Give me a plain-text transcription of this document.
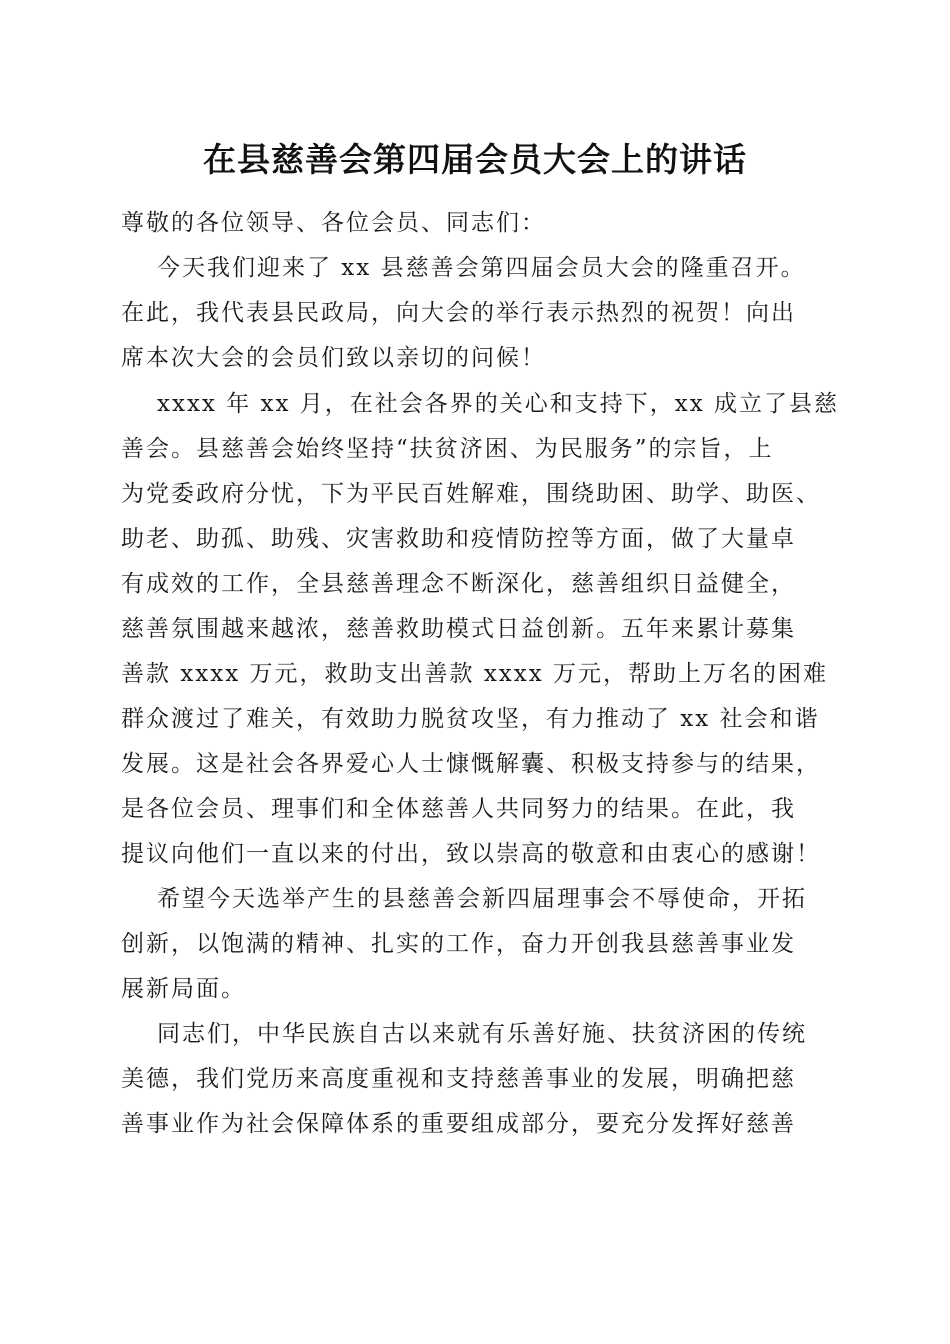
在县慈善会第四届会员大会上的讲话
尊敬的各位领导、各位会员、同志们：
今天我们迎来了 xx 县慈善会第四届会员大会的隆重召开。
在此，我代表县民政局，向大会的举行表示热烈的祝贺！向出
席本次大会的会员们致以亲切的问候！
xxxx 年 xx 月，在社会各界的关心和支持下，xx 成立了县慈
善会。县慈善会始终坚持“扶贫济困、为民服务”的宗旨，上
为党委政府分忧，下为平民百姓解难，围绕助困、助学、助医、
助老、助孤、助残、灾害救助和疫情防控等方面，做了大量卓
有成效的工作，全县慈善理念不断深化，慈善组织日益健全，
慈善氛围越来越浓，慈善救助模式日益创新。五年来累计募集
善款 xxxx 万元，救助支出善款 xxxx 万元，帮助上万名的困难
群众渡过了难关，有效助力脱贫攻坚，有力推动了 xx 社会和谐
发展。这是社会各界爱心人士慷慨解囊、积极支持参与的结果，
是各位会员、理事们和全体慈善人共同努力的结果。在此，我
提议向他们一直以来的付出，致以崇高的敬意和由衷心的感谢！
希望今天选举产生的县慈善会新四届理事会不辱使命，开拓
创新，以饱满的精神、扎实的工作，奋力开创我县慈善事业发
展新局面。
同志们，中华民族自古以来就有乐善好施、扶贫济困的传统
美德，我们党历来高度重视和支持慈善事业的发展，明确把慈
善事业作为社会保障体系的重要组成部分，要充分发挥好慈善
